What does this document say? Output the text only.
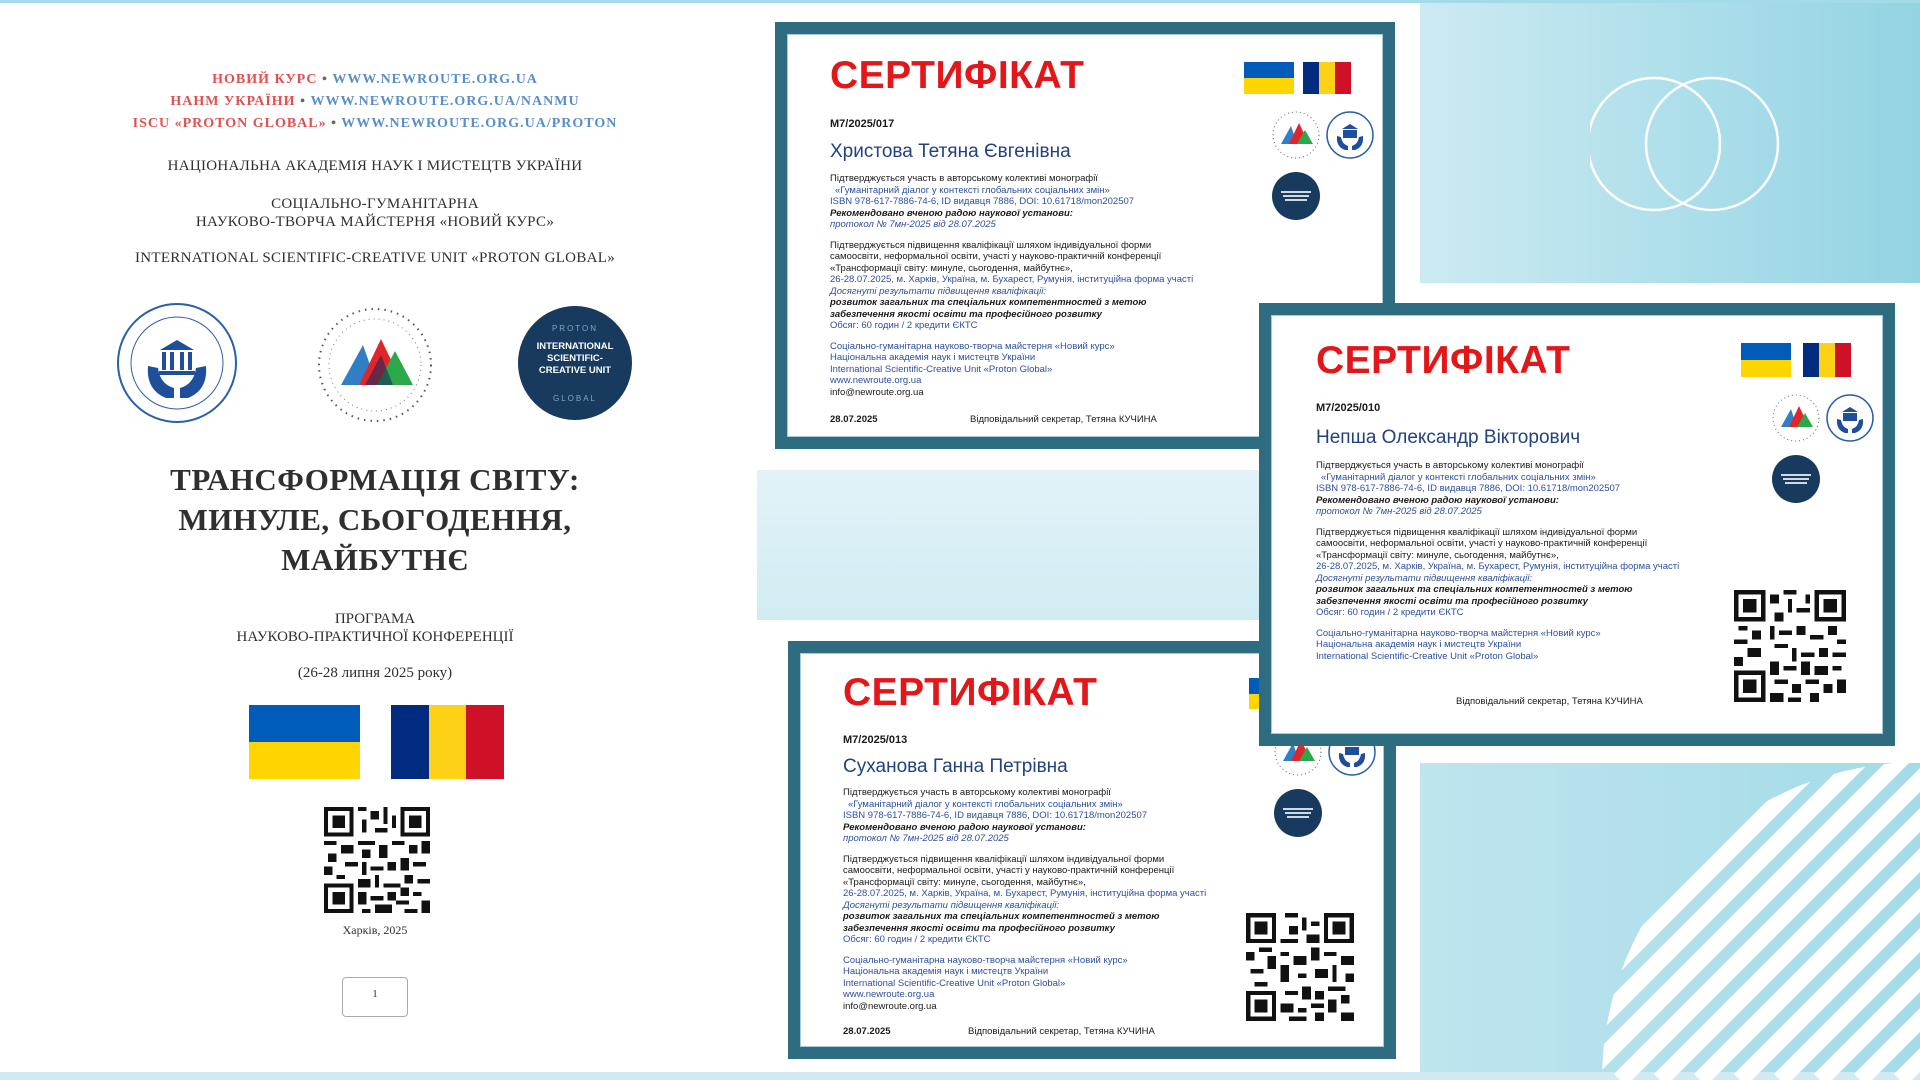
НОВИЙ КУРС • WWW.NEWROUTE.ORG.UA
НАНМ УКРАЇНИ • WWW.NEWROUTE.ORG.UA/NANMU
ISCU «PROTON GLOBAL» • WWW.NEWROUTE.ORG.UA/PROTON
НАЦІОНАЛЬНА АКАДЕМІЯ НАУК І МИСТЕЦТВ УКРАЇНИ
СОЦІАЛЬНО-ГУМАНІТАРНА
НАУКОВО-ТВОРЧА МАЙСТЕРНЯ «НОВИЙ КУРС»
INTERNATIONAL SCIENTIFIC-CREATIVE UNIT «PROTON GLOBAL»
PROTON
INTERNATIONAL SCIENTIFIC- CREATIVE UNIT
GLOBAL
ТРАНСФОРМАЦІЯ СВІТУ:
МИНУЛЕ, СЬОГОДЕННЯ,
МАЙБУТНЄ
ПРОГРАМА
НАУКОВО-ПРАКТИЧНОЇ КОНФЕРЕНЦІЇ
(26-28 липня 2025 року)
Харків, 2025
1
СЕРТИФІКАТ

М7/2025/017
Христова Тетяна Євгенівна
Підтверджується участь в авторському колективі монографії
«Гуманітарний діалог у контексті глобальних соціальних змін»
ISBN 978-617-7886-74-6, ID видавця 7886, DOI: 10.61718/mon202507
Рекомендовано вченою радою наукової установи:
протокол № 7мн-2025 від 28.07.2025
Підтверджується підвищення кваліфікації шляхом індивідуальної форми
самоосвіти, неформальної освіти, участі у науково-практичній конференції
«Трансформації світу: минуле, сьогодення, майбутнє»,
26-28.07.2025, м. Харків, Україна, м. Бухарест, Румунія, інституційна форма участі
Досягнуті результати підвищення кваліфікації:
розвиток загальних та спеціальних компетентностей з метою
забезпечення якості освіти та професійного розвитку
Обсяг: 60 годин / 2 кредити ЄКТС
Соціально-гуманітарна науково-творча майстерня «Новий курс»
Національна академія наук і мистецтв України
International Scientific-Creative Unit «Proton Global»
www.newroute.org.ua
info@newroute.org.ua
28.07.2025	Відповідальний секретар, Тетяна КУЧИНА
СЕРТИФІКАТ

М7/2025/013
Суханова Ганна Петрівна
Підтверджується участь в авторському колективі монографії
«Гуманітарний діалог у контексті глобальних соціальних змін»
ISBN 978-617-7886-74-6, ID видавця 7886, DOI: 10.61718/mon202507
Рекомендовано вченою радою наукової установи:
протокол № 7мн-2025 від 28.07.2025
Підтверджується підвищення кваліфікації шляхом індивідуальної форми
самоосвіти, неформальної освіти, участі у науково-практичній конференції
«Трансформації світу: минуле, сьогодення, майбутнє»,
26-28.07.2025, м. Харків, Україна, м. Бухарест, Румунія, інституційна форма участі
Досягнуті результати підвищення кваліфікації:
розвиток загальних та спеціальних компетентностей з метою
забезпечення якості освіти та професійного розвитку
Обсяг: 60 годин / 2 кредити ЄКТС
Соціально-гуманітарна науково-творча майстерня «Новий курс»
Національна академія наук і мистецтв України
International Scientific-Creative Unit «Proton Global»
www.newroute.org.ua
info@newroute.org.ua
28.07.2025	Відповідальний секретар, Тетяна КУЧИНА
СЕРТИФІКАТ

М7/2025/010
Непша Олександр Вікторович
Підтверджується участь в авторському колективі монографії
«Гуманітарний діалог у контексті глобальних соціальних змін»
ISBN 978-617-7886-74-6, ID видавця 7886, DOI: 10.61718/mon202507
Рекомендовано вченою радою наукової установи:
протокол № 7мн-2025 від 28.07.2025
Підтверджується підвищення кваліфікації шляхом індивідуальної форми
самоосвіти, неформальної освіти, участі у науково-практичній конференції
«Трансформації світу: минуле, сьогодення, майбутнє»,
26-28.07.2025, м. Харків, Україна, м. Бухарест, Румунія, інституційна форма участі
Досягнуті результати підвищення кваліфікації:
розвиток загальних та спеціальних компетентностей з метою
забезпечення якості освіти та професійного розвитку
Обсяг: 60 годин / 2 кредити ЄКТС
Соціально-гуманітарна науково-творча майстерня «Новий курс»
Національна академія наук і мистецтв України
International Scientific-Creative Unit «Proton Global»
Відповідальний секретар, Тетяна КУЧИНА
